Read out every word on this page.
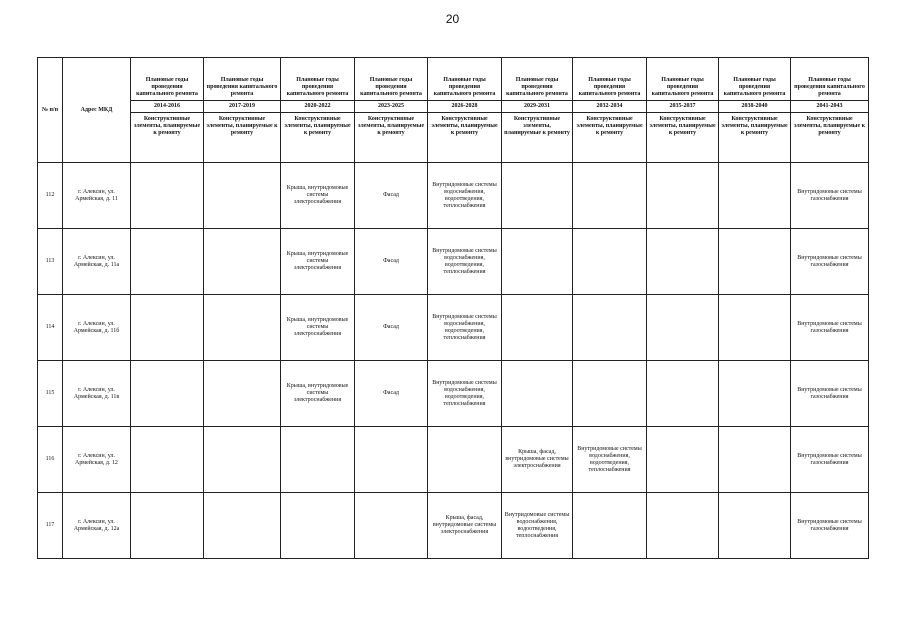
20
№ п/п	Адрес МКД	Плановые годы проведения капитального ремонта	Плановые годы проведения капитального ремонта	Плановые годы проведения капитального ремонта	Плановые годы проведения капитального ремонта	Плановые годы проведения капитального ремонта	Плановые годы проведения капитального ремонта	Плановые годы проведения капитального ремонта	Плановые годы проведения капитального ремонта	Плановые годы проведения капитального ремонта	Плановые годы проведения капитального ремонта
		2014-2016	2017-2019	2020-2022	2023-2025	2026-2028	2029-2031	2032-2034	2035-2037	2038-2040	2041-2043
		Конструктивные элементы, планируемые к ремонту	Конструктивные элементы, планируемые к ремонту	Конструктивные элементы, планируемые к ремонту	Конструктивные элементы, планируемые к ремонту	Конструктивные элементы, планируемые к ремонту	Конструктивные элементы, планируемые к ремонту	Конструктивные элементы, планируемые к ремонту	Конструктивные элементы, планируемые к ремонту	Конструктивные элементы, планируемые к ремонту	Конструктивные элементы, планируемые к ремонту
112	г. Алексин, ул. Армейская, д. 11			Крыша, внутридомовые системы электроснабжения	Фасад	Внутридомовые системы водоснабжения, водоотведения, теплоснабжения					Внутридомовые системы газоснабжения
113	г. Алексин, ул. Армейская, д. 11а			Крыша, внутридомовые системы электроснабжения	Фасад	Внутридомовые системы водоснабжения, водоотведения, теплоснабжения					Внутридомовые системы газоснабжения
114	г. Алексин, ул. Армейская, д. 11б			Крыша, внутридомовые системы электроснабжения	Фасад	Внутридомовые системы водоснабжения, водоотведения, теплоснабжения					Внутридомовые системы газоснабжения
115	г. Алексин, ул. Армейская, д. 11в			Крыша, внутридомовые системы электроснабжения	Фасад	Внутридомовые системы водоснабжения, водоотведения, теплоснабжения					Внутридомовые системы газоснабжения
116	г. Алексин, ул. Армейская, д. 12						Крыша, фасад, внутридомовые системы электроснабжения	Внутридомовые системы водоснабжения, водоотведения, теплоснабжения			Внутридомовые системы газоснабжения
117	г. Алексин, ул. Армейская, д. 12а					Крыша, фасад, внутридомовые системы электроснабжения	Внутридомовые системы водоснабжения, водоотведения, теплоснабжения				Внутридомовые системы газоснабжения
